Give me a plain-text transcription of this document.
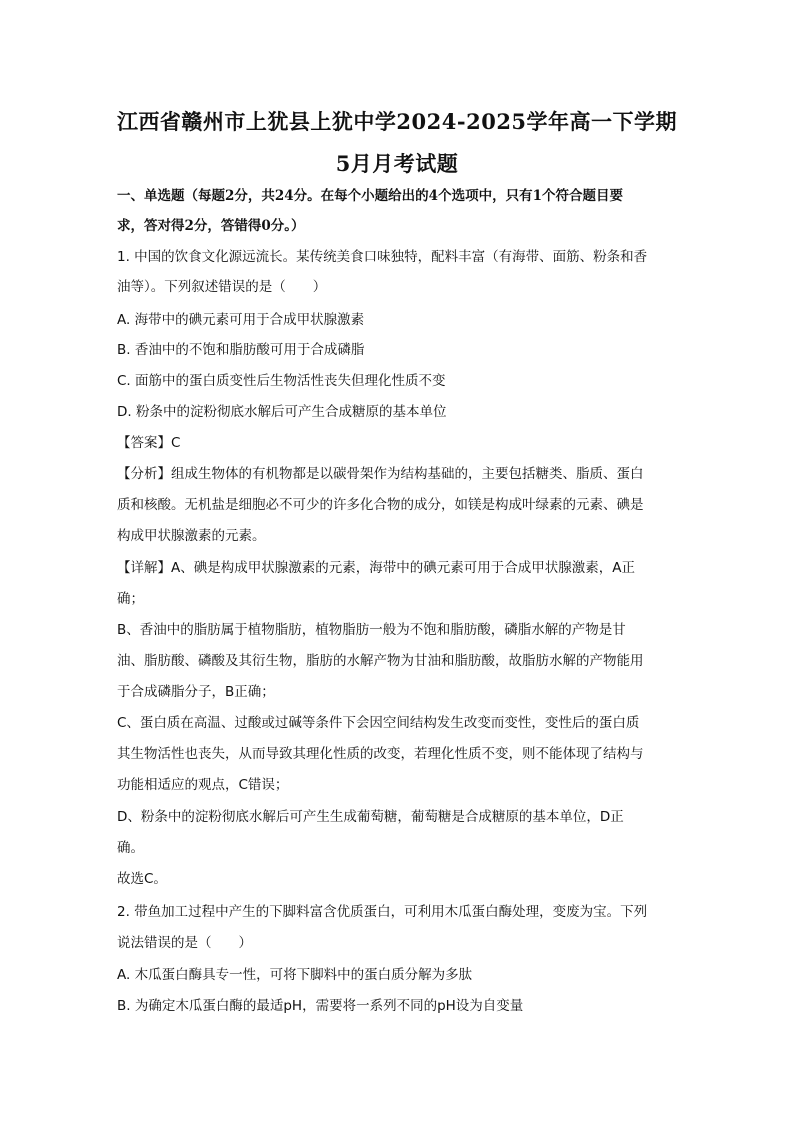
江西省赣州市上犹县上犹中学2024-2025学年高一下学期
5月月考试题
一、单选题（每题2分，共24分。在每个小题给出的4个选项中，只有1个符合题目要
求，答对得2分，答错得0分。）
1. 中国的饮食文化源远流长。某传统美食口味独特，配料丰富（有海带、面筋、粉条和香
油等）。下列叙述错误的是（　　）
A. 海带中的碘元素可用于合成甲状腺激素
B. 香油中的不饱和脂肪酸可用于合成磷脂
C. 面筋中的蛋白质变性后生物活性丧失但理化性质不变
D. 粉条中的淀粉彻底水解后可产生合成糖原的基本单位
【答案】C
【分析】组成生物体的有机物都是以碳骨架作为结构基础的，主要包括糖类、脂质、蛋白
质和核酸。无机盐是细胞必不可少的许多化合物的成分，如镁是构成叶绿素的元素、碘是
构成甲状腺激素的元素。
【详解】A、碘是构成甲状腺激素的元素，海带中的碘元素可用于合成甲状腺激素，A正
确；
B、香油中的脂肪属于植物脂肪，植物脂肪一般为不饱和脂肪酸，磷脂水解的产物是甘
油、脂肪酸、磷酸及其衍生物，脂肪的水解产物为甘油和脂肪酸，故脂肪水解的产物能用
于合成磷脂分子，B正确；
C、蛋白质在高温、过酸或过碱等条件下会因空间结构发生改变而变性，变性后的蛋白质
其生物活性也丧失，从而导致其理化性质的改变，若理化性质不变，则不能体现了结构与
功能相适应的观点，C错误；
D、粉条中的淀粉彻底水解后可产生生成葡萄糖，葡萄糖是合成糖原的基本单位，D正
确。
故选C。
2. 带鱼加工过程中产生的下脚料富含优质蛋白，可利用木瓜蛋白酶处理，变废为宝。下列
说法错误的是（　　）
A. 木瓜蛋白酶具专一性，可将下脚料中的蛋白质分解为多肽
B. 为确定木瓜蛋白酶的最适pH，需要将一系列不同的pH设为自变量
